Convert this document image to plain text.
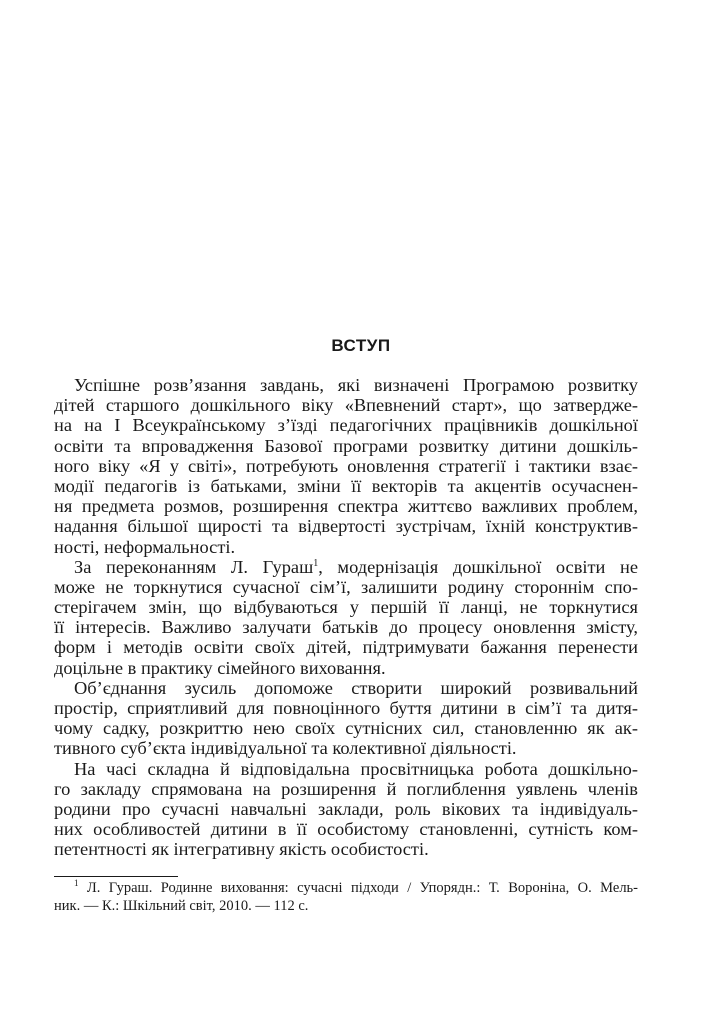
ВСТУП
Успішне розв’язання завдань, які визначені Програмою розвитку
дітей старшого дошкільного віку «Впевнений старт», що затвердже-
на на І Всеукраїнському з’їзді педагогічних працівників дошкільної
освіти та впровадження Базової програми розвитку дитини дошкіль-
ного віку «Я у світі», потребують оновлення стратегії і тактики взає-
модії педагогів із батьками, зміни її векторів та акцентів осучаснен-
ня предмета розмов, розширення спектра життєво важливих проблем,
надання більшої щирості та відвертості зустрічам, їхній конструктив-
ності, неформальності.
За переконанням Л. Гураш$^1$, модернізація дошкільної освіти не
може не торкнутися сучасної сім’ї, залишити родину стороннім спо-
стерігачем змін, що відбуваються у першій її ланці, не торкнутися
її інтересів. Важливо залучати батьків до процесу оновлення змісту,
форм і методів освіти своїх дітей, підтримувати бажання перенести
доцільне в практику сімейного виховання.
Об’єднання зусиль допоможе створити широкий розвивальний
простір, сприятливий для повноцінного буття дитини в сім’ї та дитя-
чому садку, розкриттю нею своїх сутнісних сил, становленню як ак-
тивного суб’єкта індивідуальної та колективної діяльності.
На часі складна й відповідальна просвітницька робота дошкільно-
го закладу спрямована на розширення й поглиблення уявлень членів
родини про сучасні навчальні заклади, роль вікових та індивідуаль-
них особливостей дитини в її особистому становленні, сутність ком-
петентності як інтегративну якість особистості.
$^1$ Л. Гураш. Родинне виховання: сучасні підходи / Упорядн.: Т. Вороніна, О. Мель-
ник. — К.: Шкільний світ, 2010. — 112 с.
